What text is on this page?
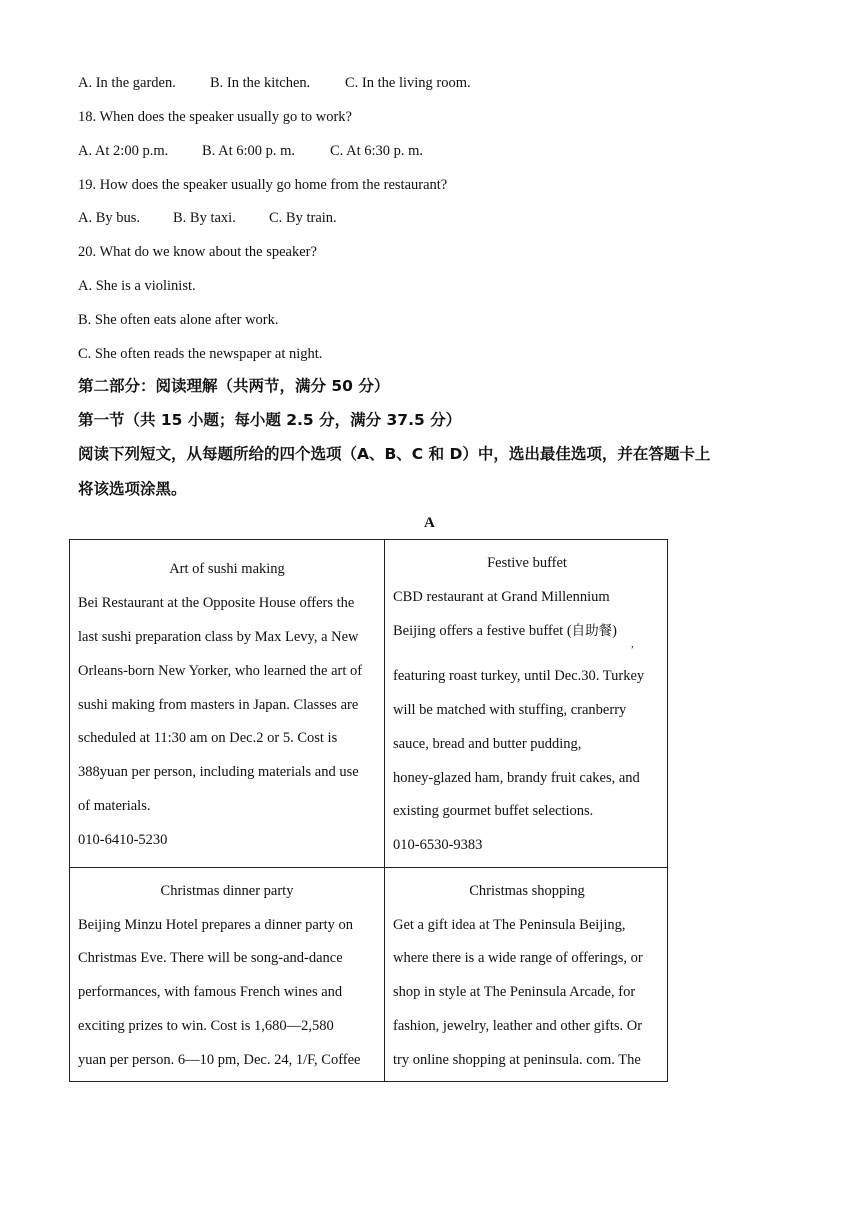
A. In the garden. B. In the kitchen. C. In the living room.
18. When does the speaker usually go to work?
A. At 2:00 p.m. B. At 6:00 p. m. C. At 6:30 p. m.
19. How does the speaker usually go home from the restaurant?
A. By bus. B. By taxi. C. By train.
20. What do we know about the speaker?
A. She is a violinist.
B. She often eats alone after work.
C. She often reads the newspaper at night.
第二部分：阅读理解（共两节，满分 50 分）
第一节（共 15 小题；每小题 2.5 分，满分 37.5 分）
阅读下列短文，从每题所给的四个选项（A、B、C 和 D）中，选出最佳选项，并在答题卡上
将该选项涂黑。
A
Art of sushi making
Bei Restaurant at the Opposite House offers the
last sushi preparation class by Max Levy, a New
Orleans-born New Yorker, who learned the art of
sushi making from masters in Japan. Classes are
scheduled at 11:30 am on Dec.2 or 5. Cost is
388yuan per person, including materials and use
of materials.
010-6410-5230
Festive buffet
CBD restaurant at Grand Millennium
Beijing offers a festive buffet (自助餐)
,
featuring roast turkey, until Dec.30. Turkey
will be matched with stuffing, cranberry
sauce, bread and butter pudding,
honey-glazed ham, brandy fruit cakes, and
existing gourmet buffet selections.
010-6530-9383
Christmas dinner party
Beijing Minzu Hotel prepares a dinner party on
Christmas Eve. There will be song-and-dance
performances, with famous French wines and
exciting prizes to win. Cost is 1,680—2,580
yuan per person. 6—10 pm, Dec. 24, 1/F, Coffee
Christmas shopping
Get a gift idea at The Peninsula Beijing,
where there is a wide range of offerings, or
shop in style at The Peninsula Arcade, for
fashion, jewelry, leather and other gifts. Or
try online shopping at peninsula. com. The
